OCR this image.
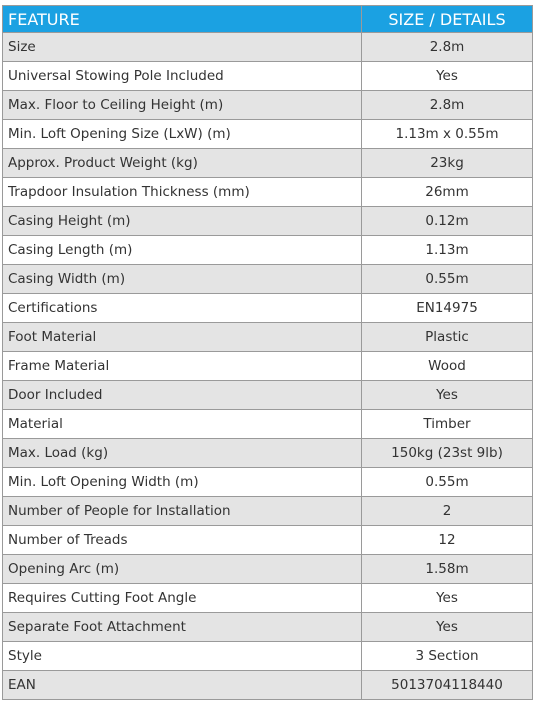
FEATURE	SIZE / DETAILS
Size	2.8m
Universal Stowing Pole Included	Yes
Max. Floor to Ceiling Height (m)	2.8m
Min. Loft Opening Size (LxW) (m)	1.13m x 0.55m
Approx. Product Weight (kg)	23kg
Trapdoor Insulation Thickness (mm)	26mm
Casing Height (m)	0.12m
Casing Length (m)	1.13m
Casing Width (m)	0.55m
Certifications	EN14975
Foot Material	Plastic
Frame Material	Wood
Door Included	Yes
Material	Timber
Max. Load (kg)	150kg (23st 9lb)
Min. Loft Opening Width (m)	0.55m
Number of People for Installation	2
Number of Treads	12
Opening Arc (m)	1.58m
Requires Cutting Foot Angle	Yes
Separate Foot Attachment	Yes
Style	3 Section
EAN	5013704118440
